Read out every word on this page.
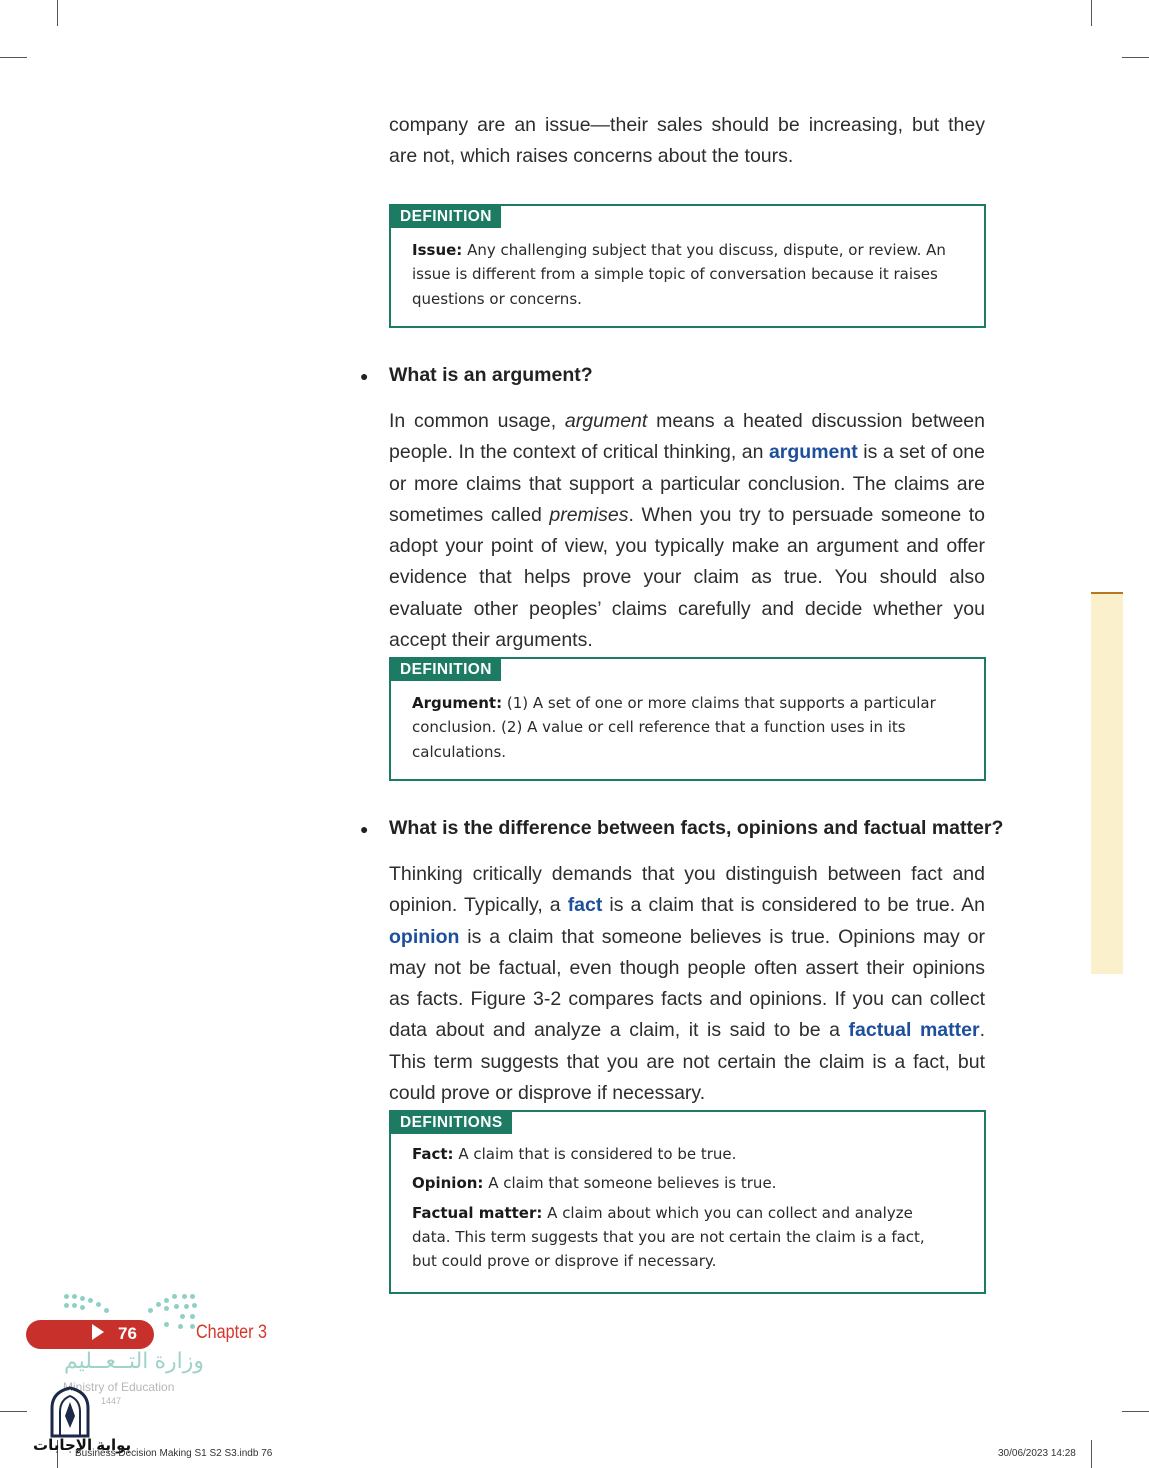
company are an issue—their sales should be increasing, but they are not, which raises concerns about the tours.

DEFINITION

Issue: Any challenging subject that you discuss, dispute, or review. An issue is different from a simple topic of conversation because it raises questions or concerns.

● What is an argument?

In common usage, argument means a heated discussion between people. In the context of critical thinking, an argument is a set of one or more claims that support a particular conclusion. The claims are sometimes called premises. When you try to persuade someone to adopt your point of view, you typically make an argument and offer evidence that helps prove your claim as true. You should also evaluate other peoples’ claims carefully and decide whether you accept their arguments.

DEFINITION

Argument: (1) A set of one or more claims that supports a particular conclusion. (2) A value or cell reference that a function uses in its calculations.

● What is the difference between facts, opinions and factual matter?

Thinking critically demands that you distinguish between fact and opinion. Typically, a fact is a claim that is considered to be true. An opinion is a claim that someone believes is true. Opinions may or may not be factual, even though people often assert their opinions as facts. Figure 3-2 compares facts and opinions. If you can collect data about and analyze a claim, it is said to be a factual matter. This term suggests that you are not certain the claim is a fact, but could prove or disprove if necessary.

DEFINITIONS

Fact: A claim that is considered to be true.

Opinion: A claim that someone believes is true.

Factual matter: A claim about which you can collect and analyze data. This term suggests that you are not certain the claim is a fact, but could prove or disprove if necessary.

76	Chapter 3
وزارة التــعــليم
Ministry of Education
1447
بوابة الإجابات
Business Decision Making S1 S2 S3.indb 76	30/06/2023 14:28
